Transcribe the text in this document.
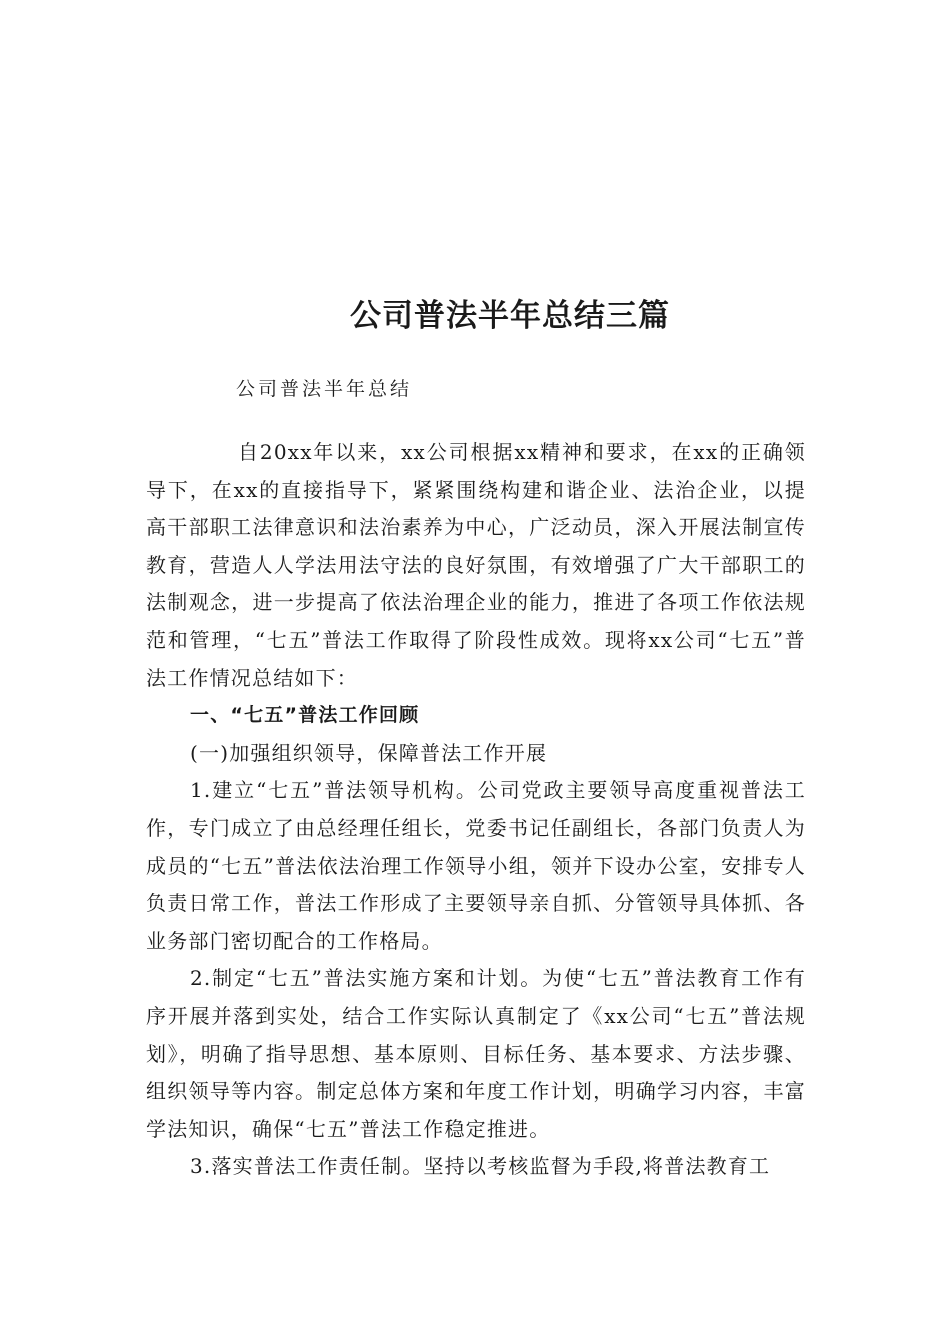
公司普法半年总结三篇

公司普法半年总结

自20xx年以来，xx公司根据xx精神和要求，在xx的正确领导下，在xx的直接指导下，紧紧围绕构建和谐企业、法治企业，以提高干部职工法律意识和法治素养为中心，广泛动员，深入开展法制宣传教育，营造人人学法用法守法的良好氛围，有效增强了广大干部职工的法制观念，进一步提高了依法治理企业的能力，推进了各项工作依法规范和管理，“七五”普法工作取得了阶段性成效。现将xx公司“七五”普法工作情况总结如下：

一、“七五”普法工作回顾

(一)加强组织领导，保障普法工作开展

1.建立“七五”普法领导机构。公司党政主要领导高度重视普法工作，专门成立了由总经理任组长，党委书记任副组长，各部门负责人为成员的“七五”普法依法治理工作领导小组，领并下设办公室，安排专人负责日常工作，普法工作形成了主要领导亲自抓、分管领导具体抓、各业务部门密切配合的工作格局。

2.制定“七五”普法实施方案和计划。为使“七五”普法教育工作有序开展并落到实处，结合工作实际认真制定了《xx公司“七五”普法规划》，明确了指导思想、基本原则、目标任务、基本要求、方法步骤、组织领导等内容。制定总体方案和年度工作计划，明确学习内容，丰富学法知识，确保“七五”普法工作稳定推进。

3.落实普法工作责任制。坚持以考核监督为手段,将普法教育工
